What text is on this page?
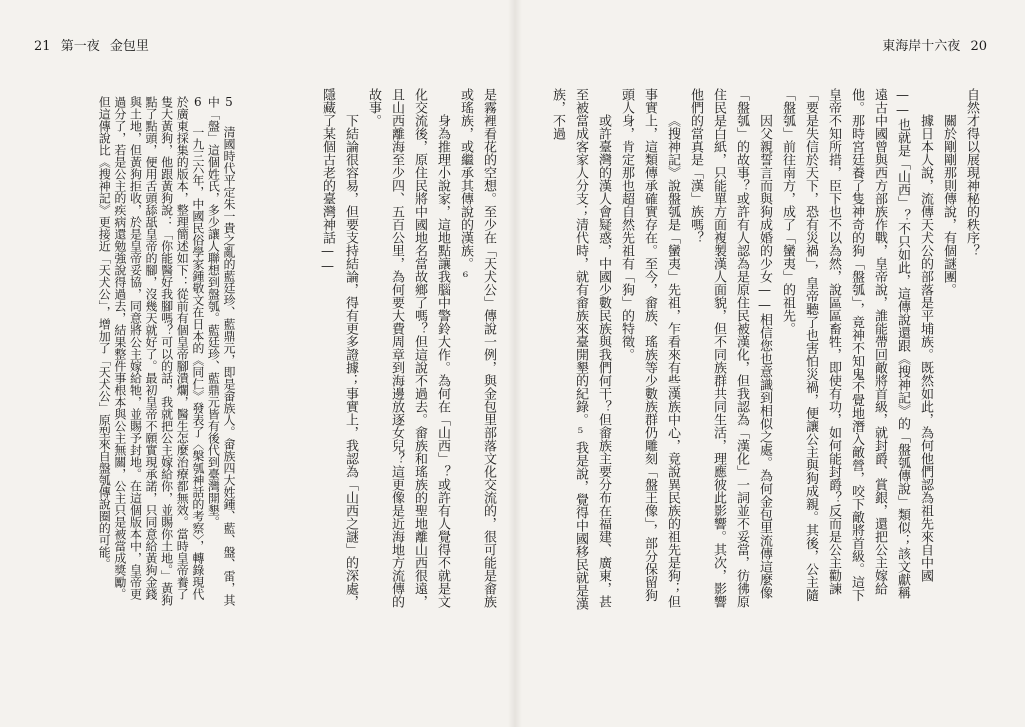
21 第一夜 金包里	東海岸十六夜 20

自然才得以展現神秘的秩序？

關於剛剛那則傳說，有個謎團。

據日本人說，流傳天犬公的部落是平埔族。既然如此，為何他們認為祖先來自中國——也就是「山西」？不只如此，這傳說還跟《搜神記》的「盤瓠傳說」類似；該文獻稱遠古中國曾與西方部族作戰，皇帝說，誰能帶回敵將首級，就封爵、賞銀，還把公主嫁給他。那時宮廷養了隻神奇的狗「盤瓠」，竟神不知鬼不覺地潛入敵營，咬下敵將首級。這下皇帝不知所措，臣下也不以為然，說區區畜牲，即使有功，如何能封爵？反而是公主勸諫「要是失信於天下，恐有災禍」，皇帝聽了也害怕災禍，便讓公主與狗成親。其後，公主隨「盤瓠」前往南方，成了「蠻夷」的祖先。

因父親誓言而與狗成婚的少女——相信您也意識到相似之處。為何金包里流傳這麼像「盤瓠」的故事？或許有人認為是原住民被漢化，但我認為「漢化」一詞並不妥當，彷彿原住民是白紙，只能單方面複製漢人面貌，但不同族群共同生活，理應彼此影響。其次，影響他們的當真是「漢」族嗎？

《搜神記》說盤瓠是「蠻夷」先祖，乍看來有些漢族中心，竟說異民族的祖先是狗；但事實上，這類傳承確實存在。至今，畲族、瑤族等少數族群仍雕刻「盤王像」，部分保留狗頭人身，肯定那也超自然先祖有「狗」的特徵。

或許臺灣的漢人會疑惑，中國少數民族與我們何干？但畲族主要分布在福建、廣東，甚至被當成客家人分支；清代時，就有畲族來臺開墾的紀錄。⁵我是說，覺得中國移民就是漢族，不過

是霧裡看花的空想。至少在「天犬公」傳說一例，與金包里部落文化交流的，很可能是畲族或瑤族，或繼承其傳說的漢族。⁶

身為推理小說家，這地點讓我腦中警鈴大作。為何在「山西」？或許有人覺得不就是文化交流後，原住民將中國地名當故鄉了嗎？但這說不過去。畲族和瑤族的聖地離山西很遠，且山西離海至少四、五百公里，為何要大費周章到海邊放逐女兒？這更像是近海地方流傳的故事。

下結論很容易，但要支持結論，得有更多證據；事實上，我認為「山西之謎」的深處，隱藏了某個古老的臺灣神話——

5 清國時代平定朱一貴之亂的藍廷珍、藍鼎元，即是畲族人。畲族四大姓鍾、藍、盤、雷，其中「盤」這個姓氏，多少讓人聯想到盤瓠。藍廷珍、藍鼎元皆有後代到臺灣開墾。
6 一九三六年，中國民俗學家鍾敬文在日本的《同仁》發表了〈槃瓠神話的考察〉，轉錄現代於廣東採集的版本，整理簡述如下：從前有個皇帝腳潰爛，醫生怎麼治療都無效。當時皇帝養了隻大黃狗，他跟黃狗說：「你能醫好我腳嗎？可以的話，我就把公主嫁給你，並賜你土地。」黃狗點了點頭，便用舌頭舔舐皇帝的腳，沒幾天就好了。最初皇帝不願實現承諾，只同意給黃狗金錢與土地，但黃狗拒收，於是皇帝妥協，同意將公主嫁給牠，並賜予封地。在這個版本中，皇帝更過分了，若是公主的疾病還勉強說得過去，結果整件事根本與公主無關，公主只是被當成獎勵。但這傳說比《搜神記》更接近「天犬公」，增加了「天犬公」原型來自盤瓠傳說圈的可能。
